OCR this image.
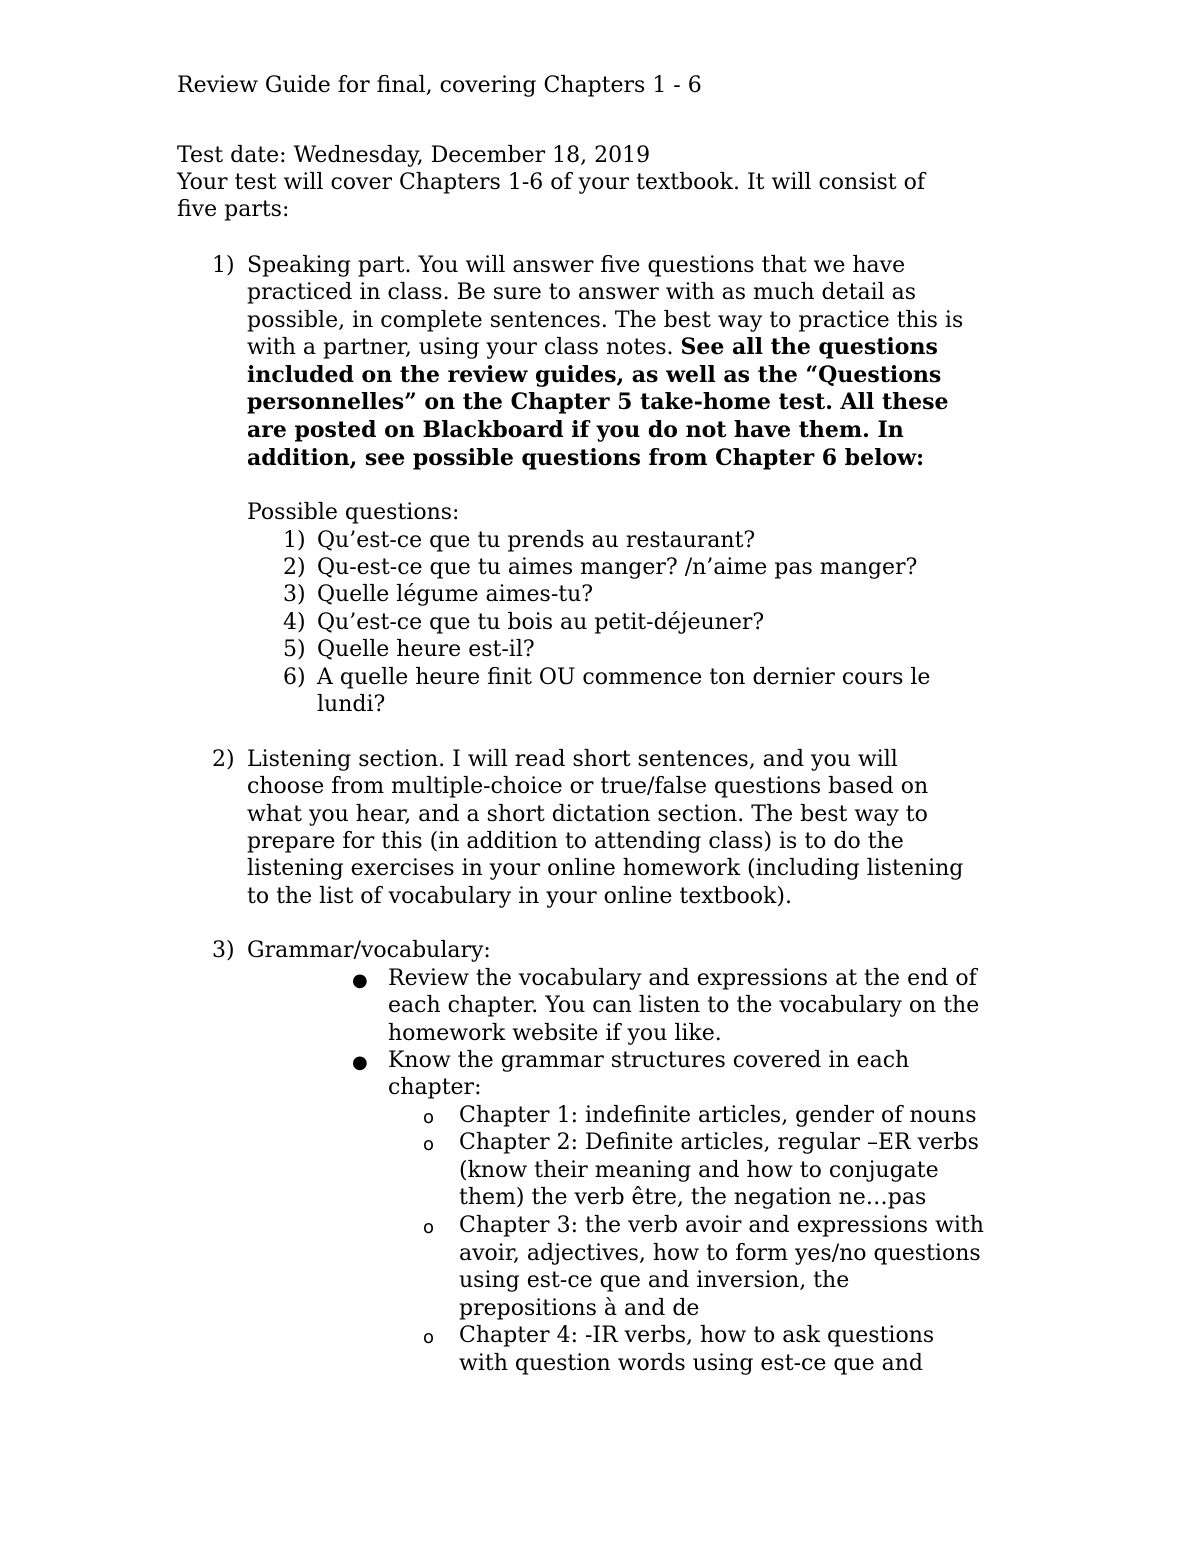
Review Guide for final, covering Chapters 1 - 6
Test date: Wednesday, December 18, 2019
Your test will cover Chapters 1-6 of your textbook. It will consist of
five parts:
1) Speaking part. You will answer five questions that we have
practiced in class. Be sure to answer with as much detail as
possible, in complete sentences. The best way to practice this is
with a partner, using your class notes. See all the questions
included on the review guides, as well as the “Questions
personnelles” on the Chapter 5 take-home test. All these
are posted on Blackboard if you do not have them. In
addition, see possible questions from Chapter 6 below:
Possible questions:
1) Qu’est-ce que tu prends au restaurant?
2) Qu-est-ce que tu aimes manger? /n’aime pas manger?
3) Quelle légume aimes-tu?
4) Qu’est-ce que tu bois au petit-déjeuner?
5) Quelle heure est-il?
6) A quelle heure finit OU commence ton dernier cours le
lundi?
2) Listening section. I will read short sentences, and you will
choose from multiple-choice or true/false questions based on
what you hear, and a short dictation section. The best way to
prepare for this (in addition to attending class) is to do the
listening exercises in your online homework (including listening
to the list of vocabulary in your online textbook).
3) Grammar/vocabulary:
● Review the vocabulary and expressions at the end of
each chapter. You can listen to the vocabulary on the
homework website if you like.
● Know the grammar structures covered in each
chapter:
o Chapter 1: indefinite articles, gender of nouns
o Chapter 2: Definite articles, regular –ER verbs
(know their meaning and how to conjugate
them) the verb être, the negation ne…pas
o Chapter 3: the verb avoir and expressions with
avoir, adjectives, how to form yes/no questions
using est-ce que and inversion, the
prepositions à and de
o Chapter 4: -IR verbs, how to ask questions
with question words using est-ce que and
